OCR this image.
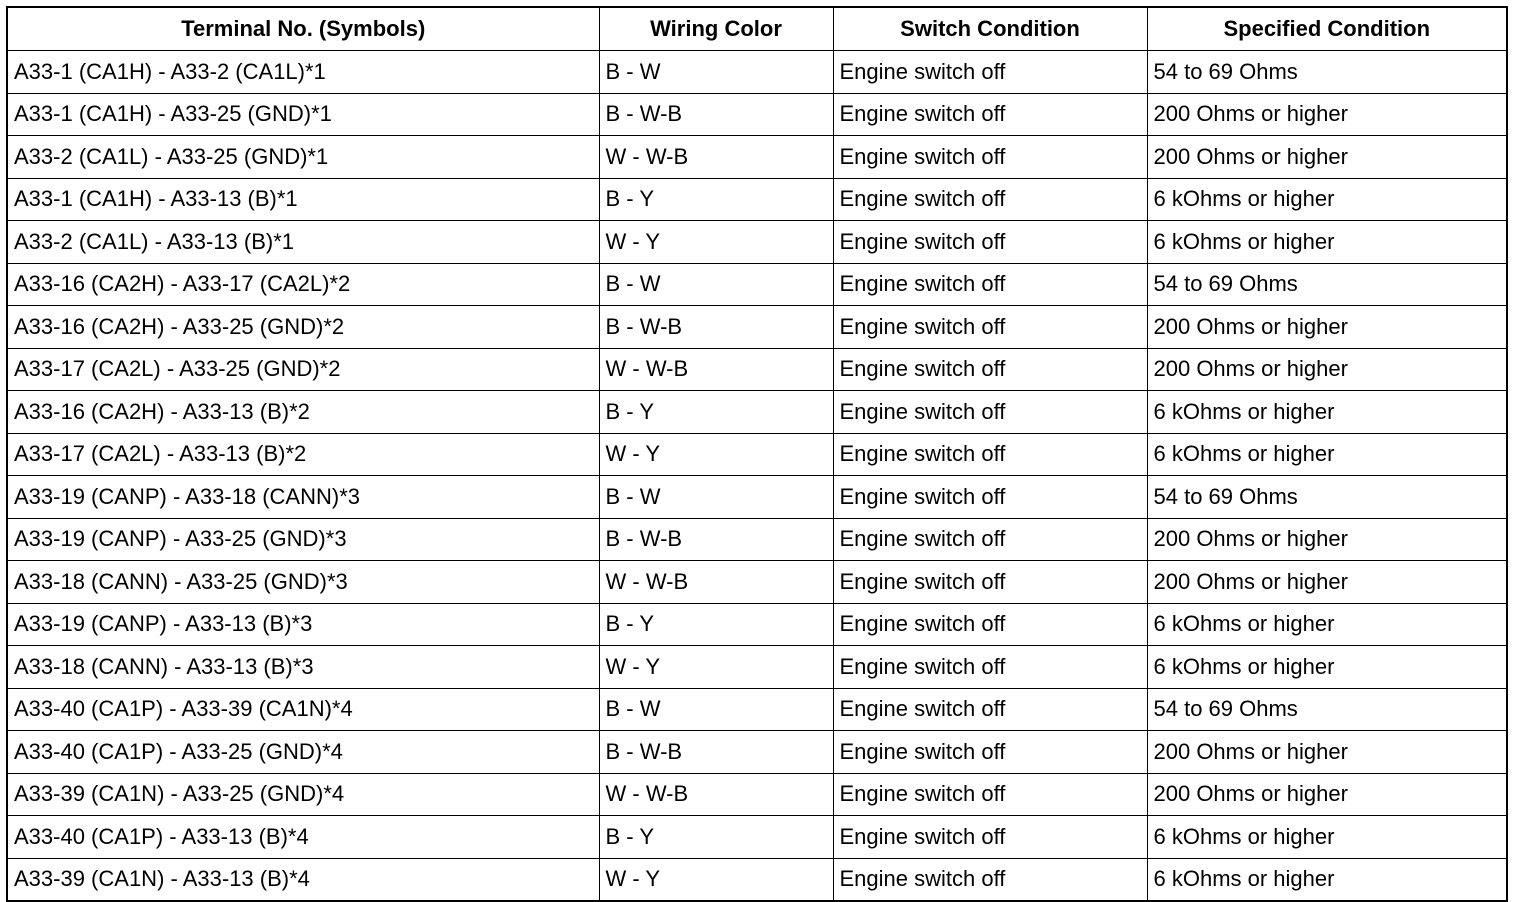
Terminal No. (Symbols)	Wiring Color	Switch Condition	Specified Condition
A33-1 (CA1H) - A33-2 (CA1L)*1	B - W	Engine switch off	54 to 69 Ohms
A33-1 (CA1H) - A33-25 (GND)*1	B - W-B	Engine switch off	200 Ohms or higher
A33-2 (CA1L) - A33-25 (GND)*1	W - W-B	Engine switch off	200 Ohms or higher
A33-1 (CA1H) - A33-13 (B)*1	B - Y	Engine switch off	6 kOhms or higher
A33-2 (CA1L) - A33-13 (B)*1	W - Y	Engine switch off	6 kOhms or higher
A33-16 (CA2H) - A33-17 (CA2L)*2	B - W	Engine switch off	54 to 69 Ohms
A33-16 (CA2H) - A33-25 (GND)*2	B - W-B	Engine switch off	200 Ohms or higher
A33-17 (CA2L) - A33-25 (GND)*2	W - W-B	Engine switch off	200 Ohms or higher
A33-16 (CA2H) - A33-13 (B)*2	B - Y	Engine switch off	6 kOhms or higher
A33-17 (CA2L) - A33-13 (B)*2	W - Y	Engine switch off	6 kOhms or higher
A33-19 (CANP) - A33-18 (CANN)*3	B - W	Engine switch off	54 to 69 Ohms
A33-19 (CANP) - A33-25 (GND)*3	B - W-B	Engine switch off	200 Ohms or higher
A33-18 (CANN) - A33-25 (GND)*3	W - W-B	Engine switch off	200 Ohms or higher
A33-19 (CANP) - A33-13 (B)*3	B - Y	Engine switch off	6 kOhms or higher
A33-18 (CANN) - A33-13 (B)*3	W - Y	Engine switch off	6 kOhms or higher
A33-40 (CA1P) - A33-39 (CA1N)*4	B - W	Engine switch off	54 to 69 Ohms
A33-40 (CA1P) - A33-25 (GND)*4	B - W-B	Engine switch off	200 Ohms or higher
A33-39 (CA1N) - A33-25 (GND)*4	W - W-B	Engine switch off	200 Ohms or higher
A33-40 (CA1P) - A33-13 (B)*4	B - Y	Engine switch off	6 kOhms or higher
A33-39 (CA1N) - A33-13 (B)*4	W - Y	Engine switch off	6 kOhms or higher
